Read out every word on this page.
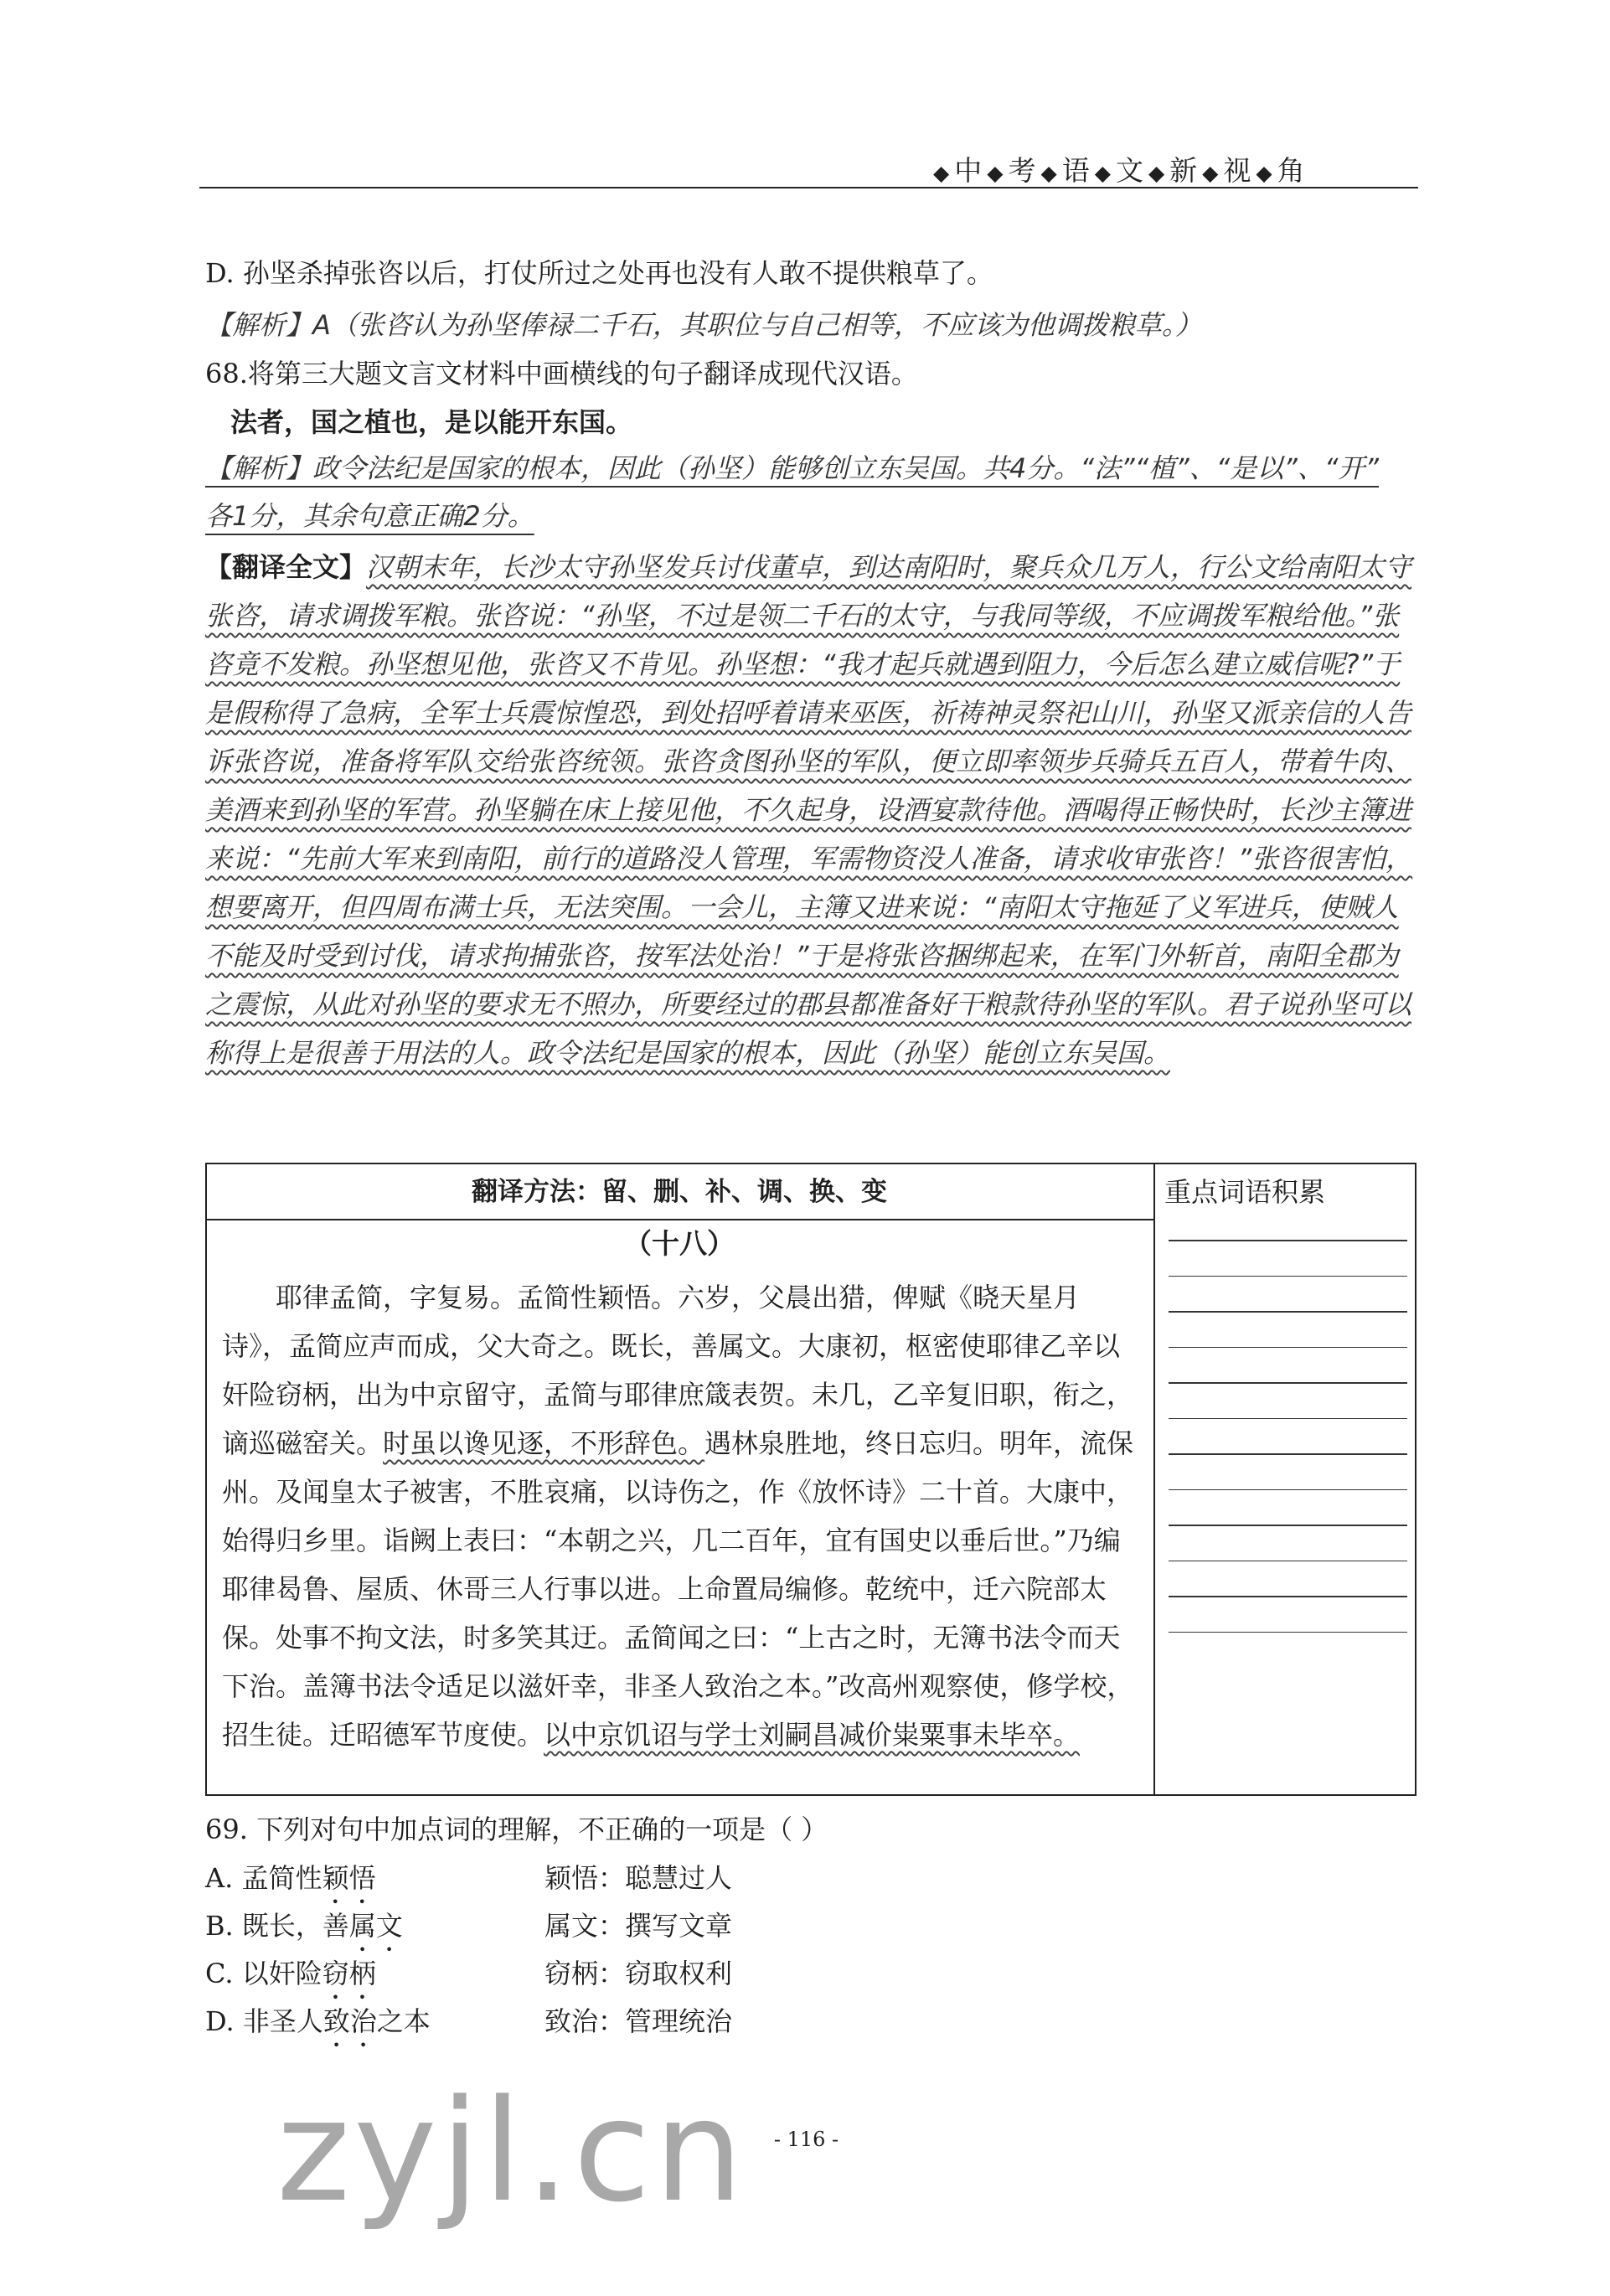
◆ 中 ◆ 考 ◆ 语 ◆ 文 ◆ 新 ◆ 视 ◆ 角
D. 孙坚杀掉张咨以后，打仗所过之处再也没有人敢不提供粮草了。
【解析】A（张咨认为孙坚俸禄二千石，其职位与自己相等，不应该为他调拨粮草。）
68.将第三大题文言文材料中画横线的句子翻译成现代汉语。
法者，国之植也，是以能开东国。
【解析】政令法纪是国家的根本，因此（孙坚）能够创立东吴国。共4分。“法”“植”、“是以”、“开”
各1分，其余句意正确2分。

【翻译全文】汉朝末年，长沙太守孙坚发兵讨伐董卓，到达南阳时，聚兵众几万人，行公文给南阳太守张咨，请求调拨军粮。张咨说：“孙坚，不过是领二千石的太守，与我同等级，不应调拨军粮给他。”张咨竟不发粮。孙坚想见他，张咨又不肯见。孙坚想：“我才起兵就遇到阻力，今后怎么建立威信呢?”于是假称得了急病，全军士兵震惊惶恐，到处招呼着请来巫医，祈祷神灵祭祀山川，孙坚又派亲信的人告诉张咨说，准备将军队交给张咨统领。张咨贪图孙坚的军队，便立即率领步兵骑兵五百人，带着牛肉、美酒来到孙坚的军营。孙坚躺在床上接见他，不久起身，设酒宴款待他。酒喝得正畅快时，长沙主簿进来说：“先前大军来到南阳，前行的道路没人管理，军需物资没人准备，请求收审张咨！”张咨很害怕，想要离开，但四周布满士兵，无法突围。一会儿，主簿又进来说：“南阳太守拖延了义军进兵，使贼人不能及时受到讨伐，请求拘捕张咨，按军法处治！”于是将张咨捆绑起来，在军门外斩首，南阳全郡为之震惊，从此对孙坚的要求无不照办，所要经过的郡县都准备好干粮款待孙坚的军队。君子说孙坚可以称得上是很善于用法的人。政令法纪是国家的根本，因此（孙坚）能创立东吴国。

翻译方法：留、删、补、调、换、变	重点词语积累
（十八）

耶律孟简，字复易。孟简性颖悟。六岁，父晨出猎，俾赋《晓天星月诗》，孟简应声而成，父大奇之。既长，善属文。大康初，枢密使耶律乙辛以奸险窃柄，出为中京留守，孟简与耶律庶箴表贺。未几，乙辛复旧职，衔之，谪巡磁窑关。时虽以谗见逐，不形辞色。遇林泉胜地，终日忘归。明年，流保州。及闻皇太子被害，不胜哀痛，以诗伤之，作《放怀诗》二十首。大康中，始得归乡里。诣阙上表曰：“本朝之兴，几二百年，宜有国史以垂后世。”乃编耶律曷鲁、屋质、休哥三人行事以进。上命置局编修。乾统中，迁六院部太保。处事不拘文法，时多笑其迂。孟简闻之曰：“上古之时，无簿书法令而天下治。盖簿书法令适足以滋奸幸，非圣人致治之本。”改高州观察使，修学校，招生徒。迁昭德军节度使。以中京饥诏与学士刘嗣昌减价粜粟事未毕卒。

69. 下列对句中加点词的理解，不正确的一项是（ ）
A. 孟简性颖悟	颖悟：聪慧过人
B. 既长，善属文	属文：撰写文章
C. 以奸险窃柄	窃柄：窃取权利
D. 非圣人致治之本	致治：管理统治
- 116 -
zyjl.cn
